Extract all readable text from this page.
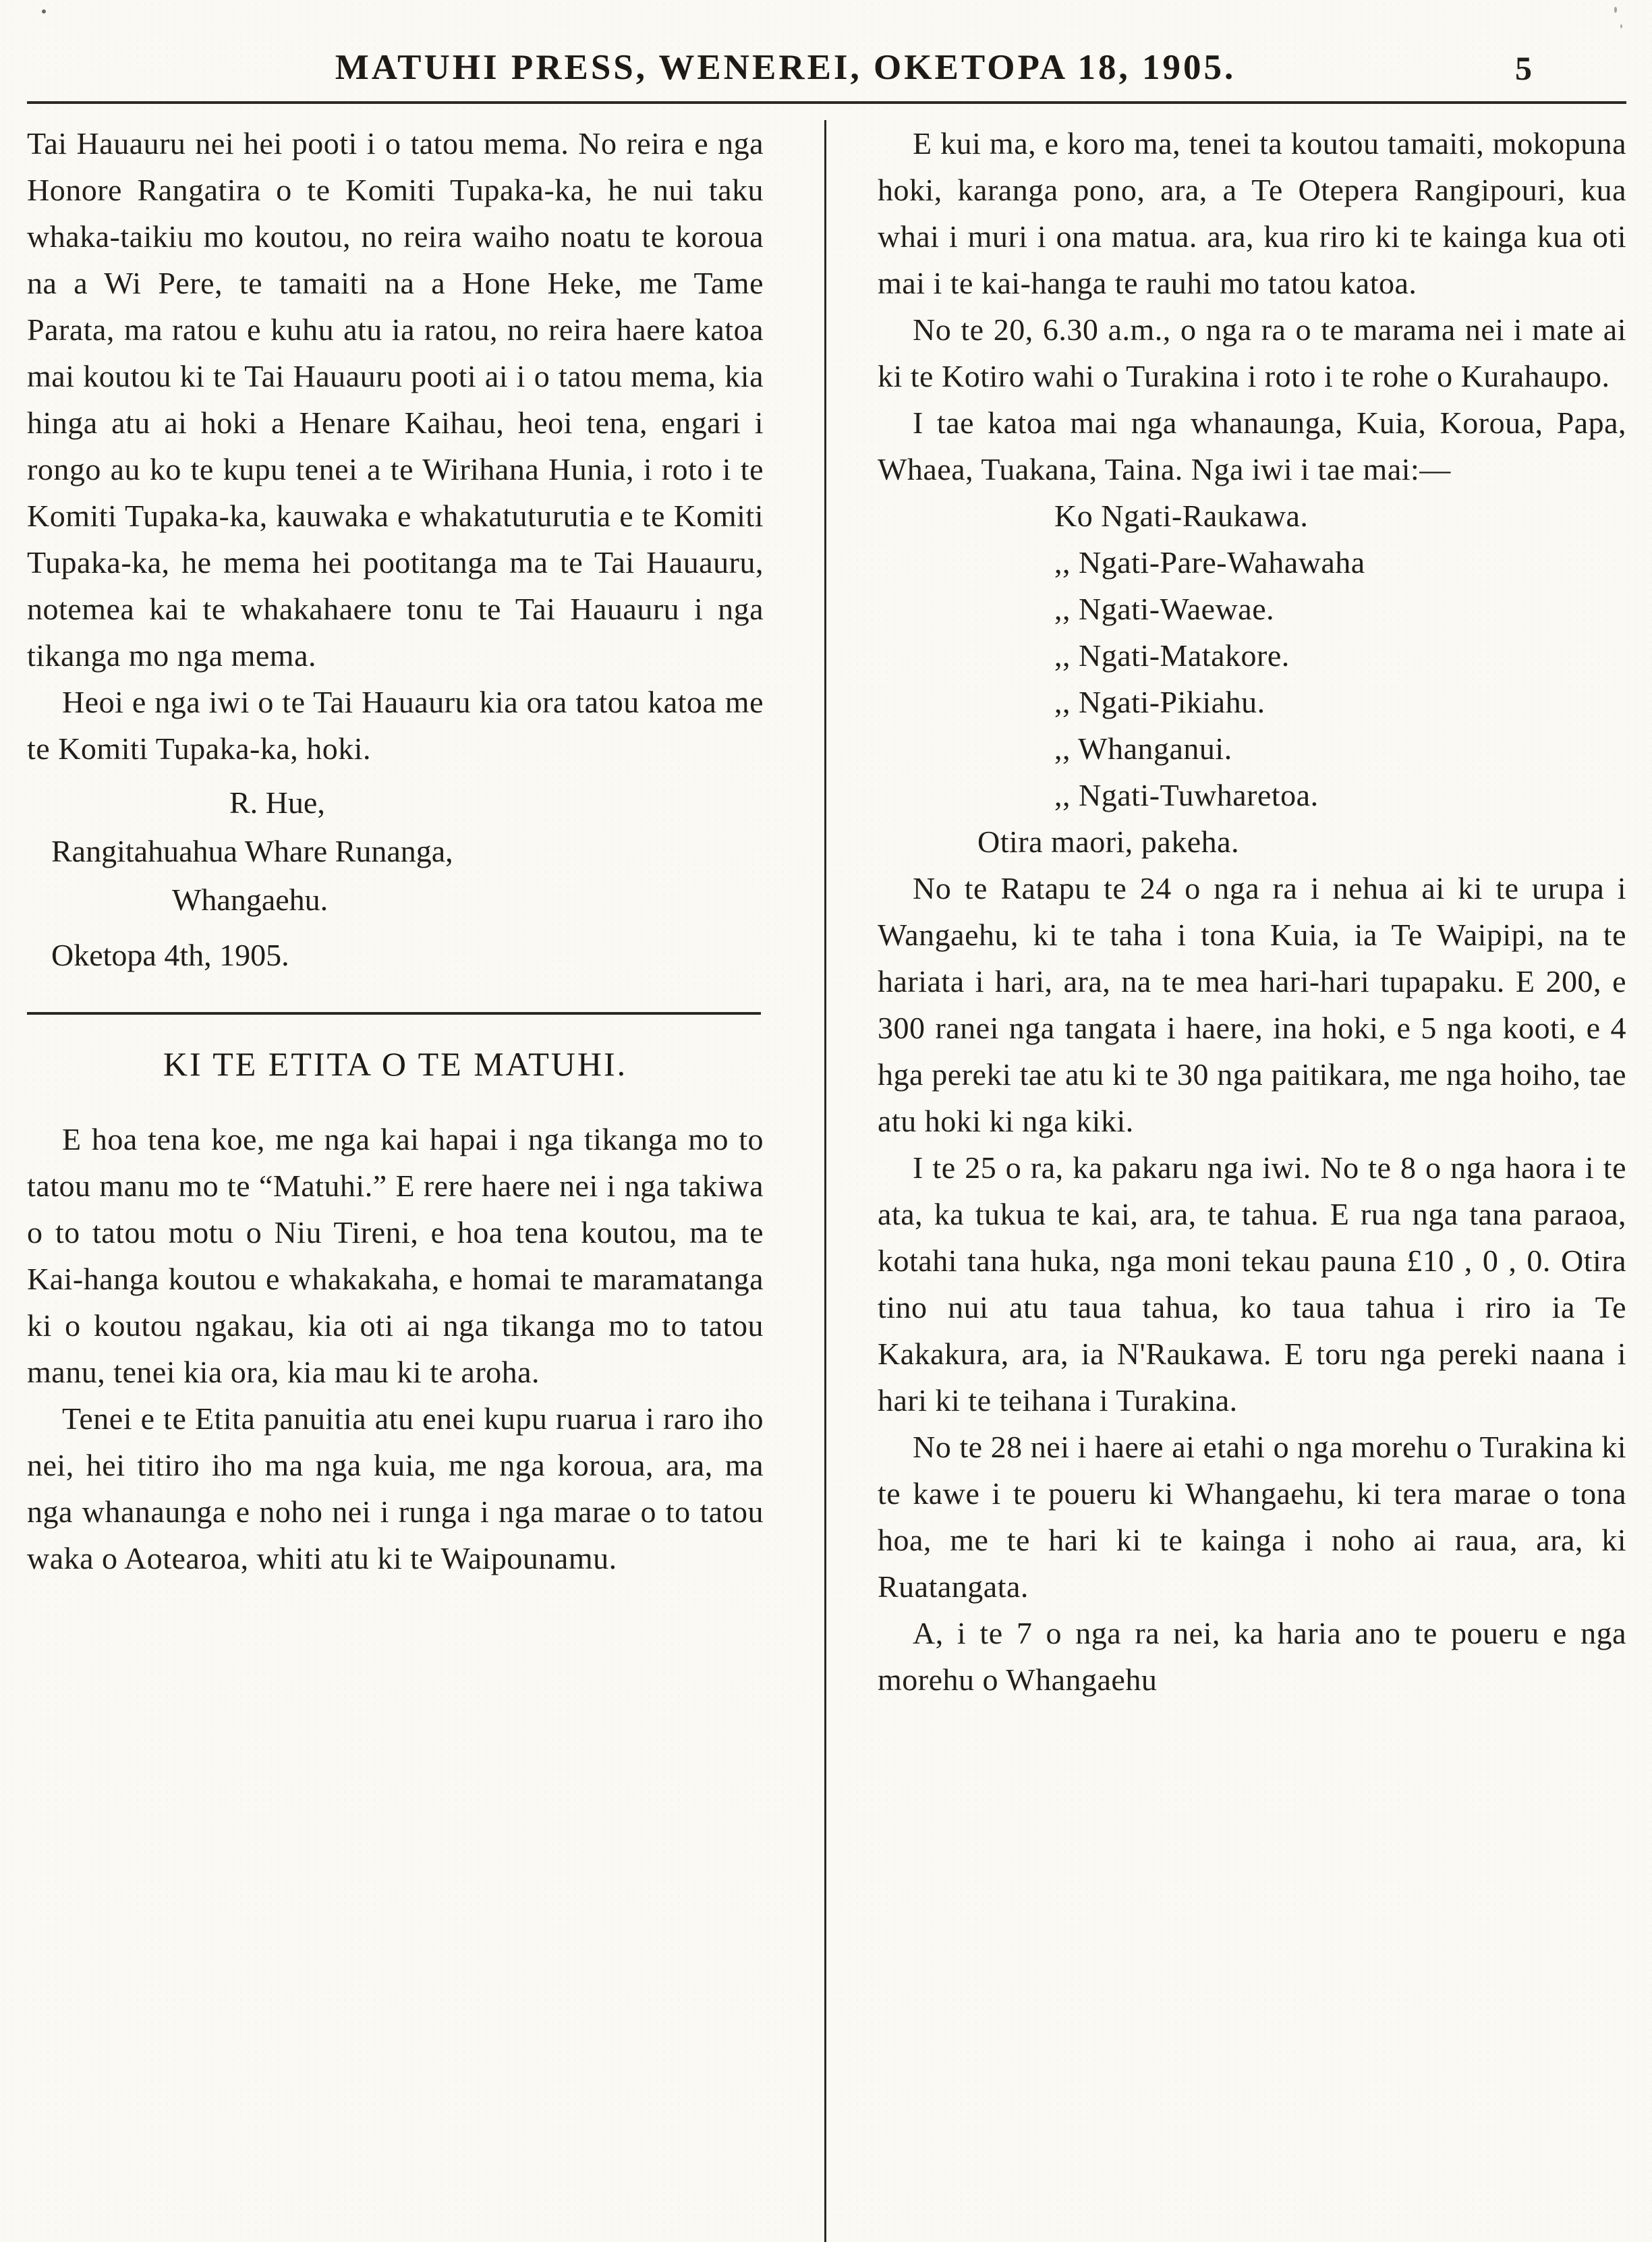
MATUHI PRESS, WENEREI, OKETOPA 18, 1905.	5

Tai Hauauru nei hei pooti i o tatou mema. No reira e nga Honore Rangatira o te Komiti Tupaka-ka, he nui taku whaka-taikiu mo koutou, no reira waiho noatu te koroua na a Wi Pere, te tamaiti na a Hone Heke, me Tame Parata, ma ratou e kuhu atu ia ratou, no reira haere katoa mai koutou ki te Tai Hauauru pooti ai i o tatou mema, kia hinga atu ai hoki a Henare Kaihau, heoi tena, engari i rongo au ko te kupu tenei a te Wirihana Hunia, i roto i te Komiti Tupaka-ka, kauwaka e whakatuturutia e te Komiti Tupaka-ka, he mema hei pootitanga ma te Tai Hauauru, notemea kai te whakahaere tonu te Tai Hauauru i nga tikanga mo nga mema.

Heoi e nga iwi o te Tai Hauauru kia ora tatou katoa me te Komiti Tupaka-ka, hoki.

R. Hue,
Rangitahuahua Whare Runanga,
Whangaehu.
Oketopa 4th, 1905.
KI TE ETITA O TE MATUHI.

E hoa tena koe, me nga kai hapai i nga tikanga mo to tatou manu mo te “Matuhi.” E rere haere nei i nga takiwa o to tatou motu o Niu Tireni, e hoa tena koutou, ma te Kai-hanga koutou e whakakaha, e homai te maramatanga ki o koutou ngakau, kia oti ai nga tikanga mo to tatou manu, tenei kia ora, kia mau ki te aroha.

Tenei e te Etita panuitia atu enei kupu ruarua i raro iho nei, hei titiro iho ma nga kuia, me nga koroua, ara, ma nga whanaunga e noho nei i runga i nga marae o to tatou waka o Aotearoa, whiti atu ki te Waipounamu.

E kui ma, e koro ma, tenei ta koutou tamaiti, mokopuna hoki, karanga pono, ara, a Te Otepera Rangipouri, kua whai i muri i ona matua. ara, kua riro ki te kainga kua oti mai i te kai-hanga te rauhi mo tatou katoa.

No te 20, 6.30 a.m., o nga ra o te marama nei i mate ai ki te Kotiro wahi o Turakina i roto i te rohe o Kurahaupo.

I tae katoa mai nga whanaunga, Kuia, Koroua, Papa, Whaea, Tuakana, Taina. Nga iwi i tae mai:—

Ko Ngati-Raukawa.
,, Ngati-Pare-Wahawaha
,, Ngati-Waewae.
,, Ngati-Matakore.
,, Ngati-Pikiahu.
,, Whanganui.
,, Ngati-Tuwharetoa.
Otira maori, pakeha.

No te Ratapu te 24 o nga ra i nehua ai ki te urupa i Wangaehu, ki te taha i tona Kuia, ia Te Waipipi, na te hariata i hari, ara, na te mea hari-hari tupapaku. E 200, e 300 ranei nga tangata i haere, ina hoki, e 5 nga kooti, e 4 hga pereki tae atu ki te 30 nga paitikara, me nga hoiho, tae atu hoki ki nga kiki.

I te 25 o ra, ka pakaru nga iwi. No te 8 o nga haora i te ata, ka tukua te kai, ara, te tahua. E rua nga tana paraoa, kotahi tana huka, nga moni tekau pauna £10 , 0 , 0. Otira tino nui atu taua tahua, ko taua tahua i riro ia Te Kakakura, ara, ia N'Raukawa. E toru nga pereki naana i hari ki te teihana i Turakina.

No te 28 nei i haere ai etahi o nga morehu o Turakina ki te kawe i te poueru ki Whangaehu, ki tera marae o tona hoa, me te hari ki te kainga i noho ai raua, ara, ki Ruatangata.

A, i te 7 o nga ra nei, ka haria ano te poueru e nga morehu o Whangaehu
